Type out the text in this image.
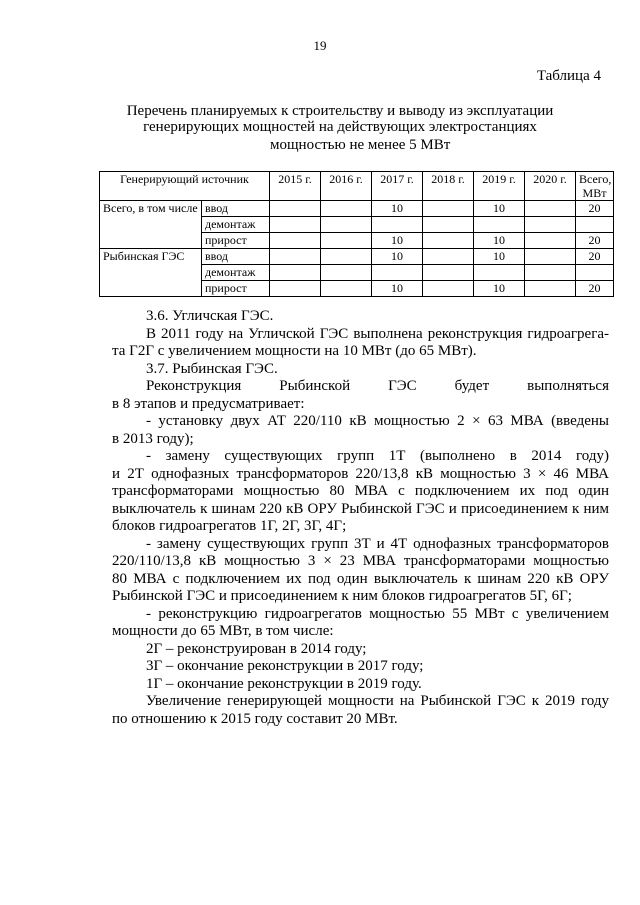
19
Таблица 4
Перечень планируемых к строительству и выводу из эксплуатации
генерирующих мощностей на действующих электростанциях
мощностью не менее 5 МВт
Генерирующий источник		2015 г.	2016 г.	2017 г.	2018 г.	2019 г.	2020 г.	Всего, МВт
Всего, в том числе	ввод			10		10		20
	демонтаж							
	прирост			10		10		20
Рыбинская ГЭС	ввод			10		10		20
	демонтаж							
	прирост			10		10		20
3.6. Угличская ГЭС.
В 2011 году на Угличской ГЭС выполнена реконструкция гидроагрега-
та Г2Г с увеличением мощности на 10 МВт (до 65 МВт).
3.7. Рыбинская ГЭС.
Реконструкция Рыбинской ГЭС будет выполняться
в 8 этапов и предусматривает:
- установку двух АТ 220/110 кВ мощностью 2 × 63 МВА (введены
в 2013 году);
- замену существующих групп 1Т (выполнено в 2014 году)
и 2Т однофазных трансформаторов 220/13,8 кВ мощностью 3 × 46 МВА
трансформаторами мощностью 80 МВА с подключением их под один
выключатель к шинам 220 кВ ОРУ Рыбинской ГЭС и присоединением к ним
блоков гидроагрегатов 1Г, 2Г, 3Г, 4Г;
- замену существующих групп 3Т и 4Т однофазных трансформаторов
220/110/13,8 кВ мощностью 3 × 23 МВА трансформаторами мощностью
80 МВА с подключением их под один выключатель к шинам 220 кВ ОРУ
Рыбинской ГЭС и присоединением к ним блоков гидроагрегатов 5Г, 6Г;
- реконструкцию гидроагрегатов мощностью 55 МВт с увеличением
мощности до 65 МВт, в том числе:
2Г – реконструирован в 2014 году;
3Г – окончание реконструкции в 2017 году;
1Г – окончание реконструкции в 2019 году.
Увеличение генерирующей мощности на Рыбинской ГЭС к 2019 году
по отношению к 2015 году составит 20 МВт.
